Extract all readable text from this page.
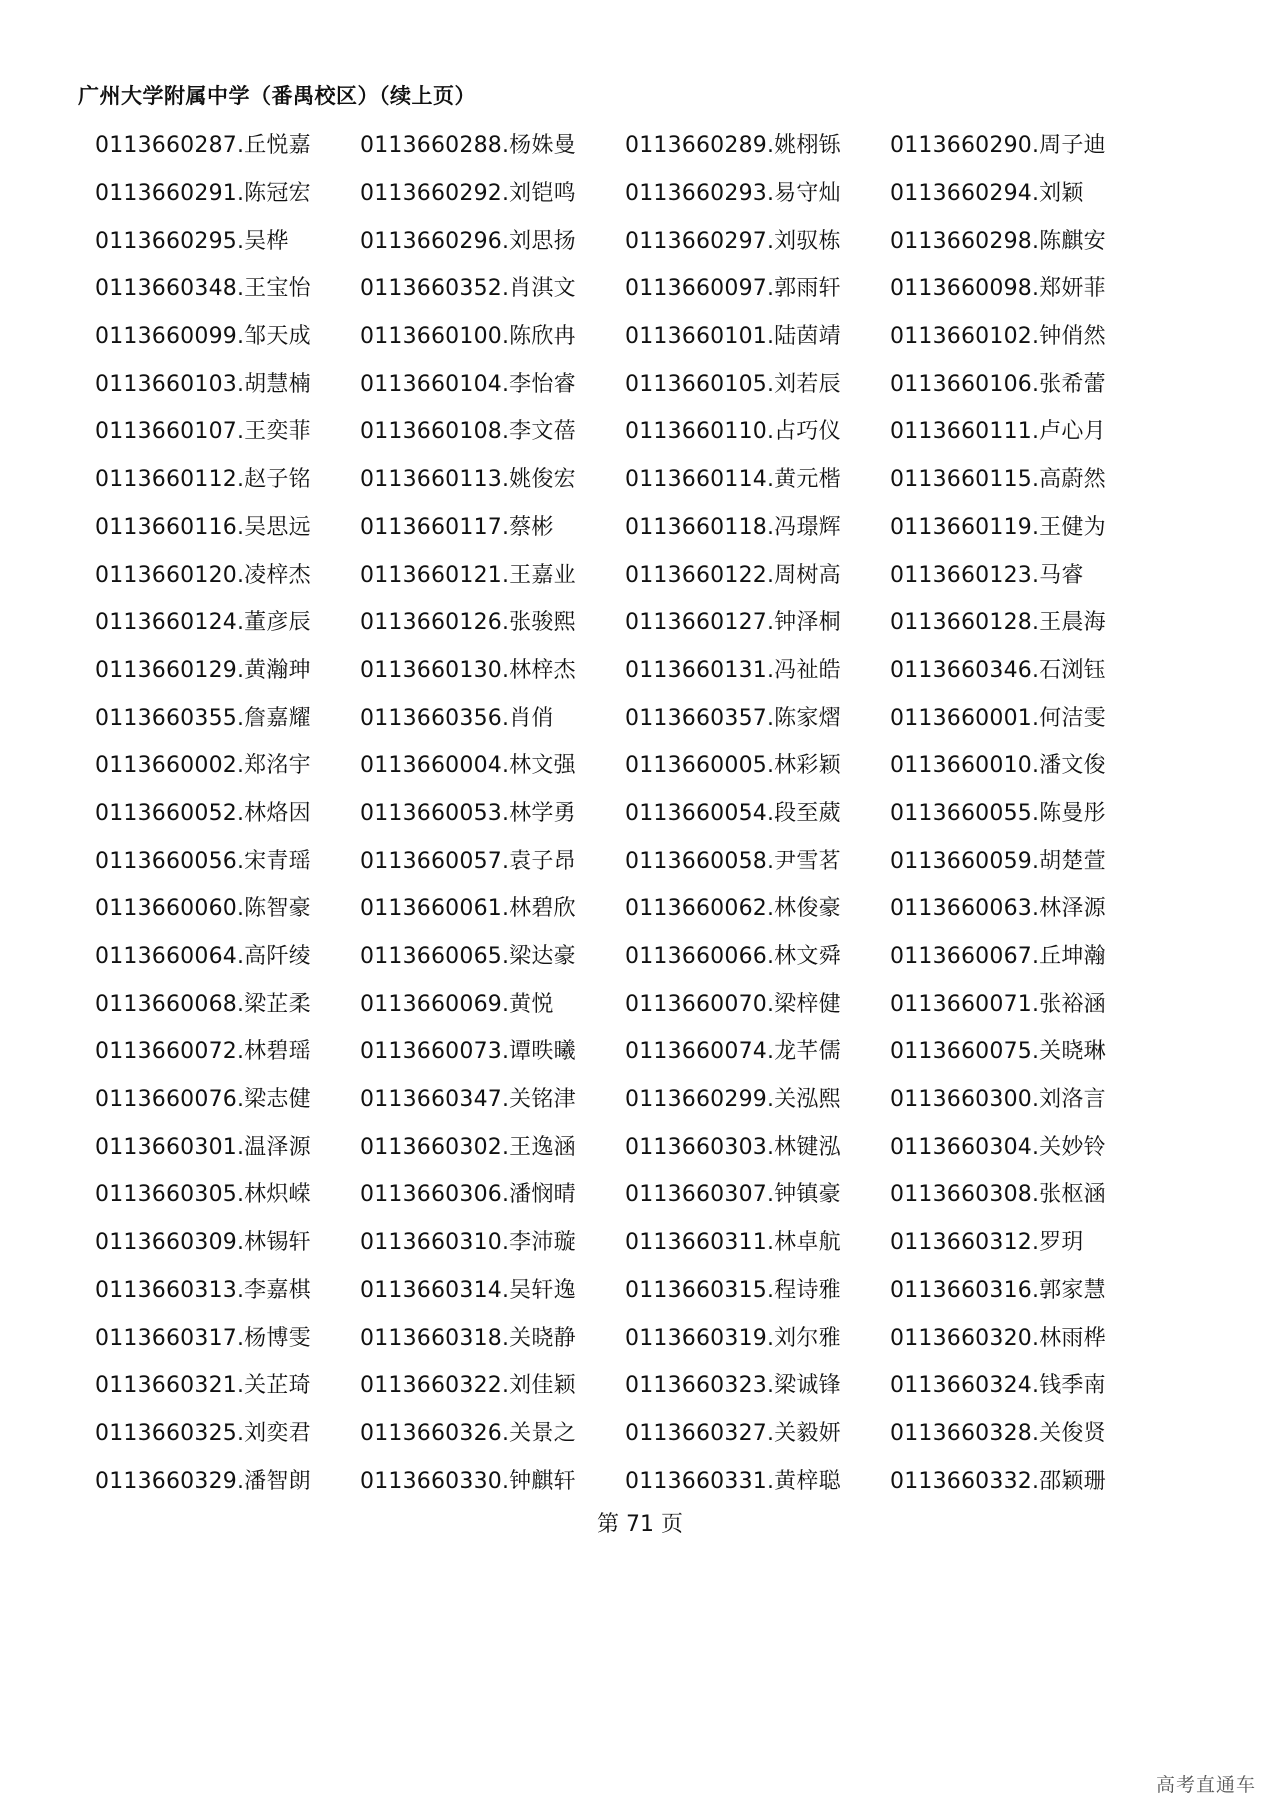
广州大学附属中学（番禺校区）（续上页）
0113660287.丘悦嘉	0113660288.杨姝曼	0113660289.姚栩铄	0113660290.周子迪
0113660291.陈冠宏	0113660292.刘铠鸣	0113660293.易守灿	0113660294.刘颖
0113660295.吴桦	0113660296.刘思扬	0113660297.刘驭栋	0113660298.陈麒安
0113660348.王宝怡	0113660352.肖淇文	0113660097.郭雨轩	0113660098.郑妍菲
0113660099.邹天成	0113660100.陈欣冉	0113660101.陆茵靖	0113660102.钟俏然
0113660103.胡慧楠	0113660104.李怡睿	0113660105.刘若辰	0113660106.张希蕾
0113660107.王奕菲	0113660108.李文蓓	0113660110.占巧仪	0113660111.卢心月
0113660112.赵子铭	0113660113.姚俊宏	0113660114.黄元楷	0113660115.高蔚然
0113660116.吴思远	0113660117.蔡彬	0113660118.冯璟辉	0113660119.王健为
0113660120.凌梓杰	0113660121.王嘉业	0113660122.周树高	0113660123.马睿
0113660124.董彦辰	0113660126.张骏熙	0113660127.钟泽桐	0113660128.王晨海
0113660129.黄瀚珅	0113660130.林梓杰	0113660131.冯祉皓	0113660346.石浏钰
0113660355.詹嘉耀	0113660356.肖俏	0113660357.陈家熠	0113660001.何洁雯
0113660002.郑洺宇	0113660004.林文强	0113660005.林彩颖	0113660010.潘文俊
0113660052.林烙因	0113660053.林学勇	0113660054.段至葳	0113660055.陈曼彤
0113660056.宋青瑶	0113660057.袁子昂	0113660058.尹雪茗	0113660059.胡楚萱
0113660060.陈智豪	0113660061.林碧欣	0113660062.林俊豪	0113660063.林泽源
0113660064.高阡绫	0113660065.梁达豪	0113660066.林文舜	0113660067.丘坤瀚
0113660068.梁芷柔	0113660069.黄悦	0113660070.梁梓健	0113660071.张裕涵
0113660072.林碧瑶	0113660073.谭昳曦	0113660074.龙芊儒	0113660075.关晓琳
0113660076.梁志健	0113660347.关铭津	0113660299.关泓熙	0113660300.刘洛言
0113660301.温泽源	0113660302.王逸涵	0113660303.林键泓	0113660304.关妙铃
0113660305.林炽嵘	0113660306.潘悯晴	0113660307.钟镇豪	0113660308.张枢涵
0113660309.林锡轩	0113660310.李沛璇	0113660311.林卓航	0113660312.罗玥
0113660313.李嘉棋	0113660314.吴轩逸	0113660315.程诗雅	0113660316.郭家慧
0113660317.杨博雯	0113660318.关晓静	0113660319.刘尔雅	0113660320.林雨桦
0113660321.关芷琦	0113660322.刘佳颖	0113660323.梁诚锋	0113660324.钱季南
0113660325.刘奕君	0113660326.关景之	0113660327.关毅妍	0113660328.关俊贤
0113660329.潘智朗	0113660330.钟麒轩	0113660331.黄梓聪	0113660332.邵颖珊
第 71 页
高考直通车
